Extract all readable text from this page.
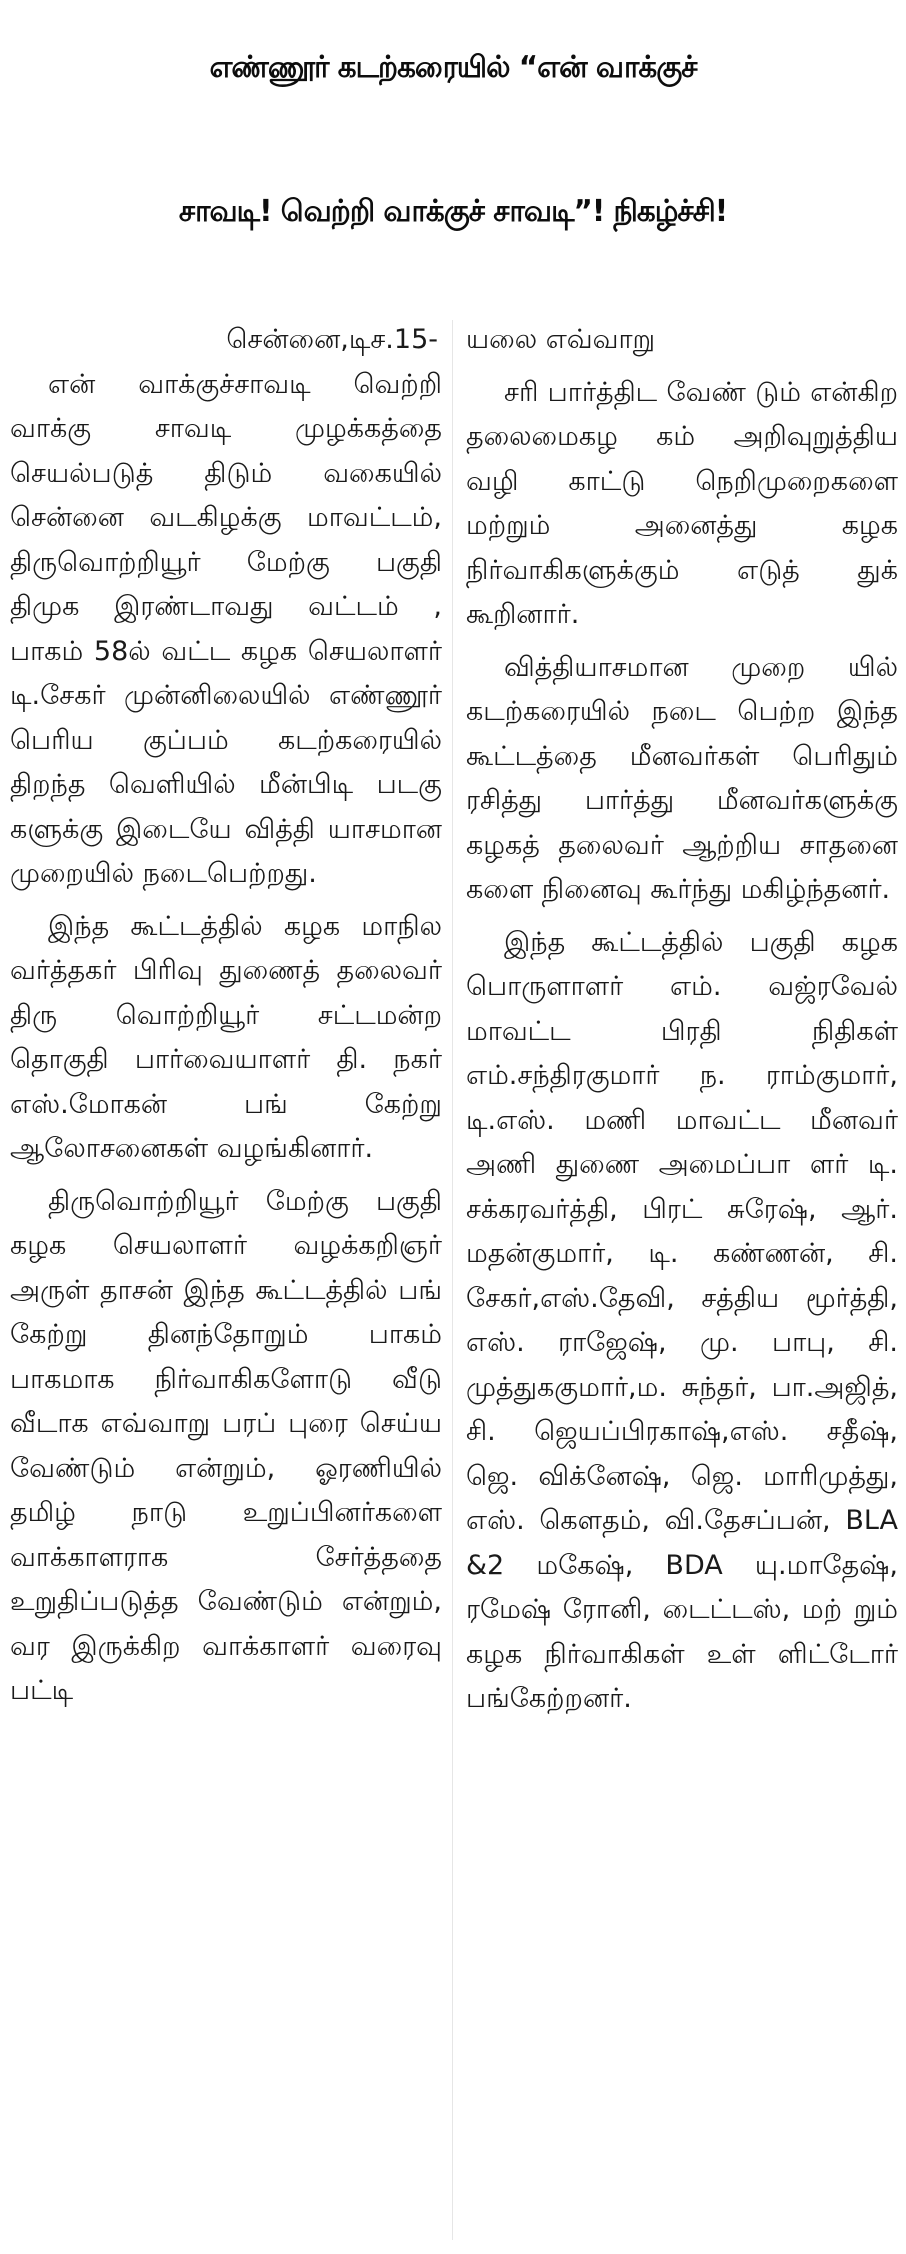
எண்ணூர் கடற்கரையில் “என் வாக்குச்
சாவடி! வெற்றி வாக்குச் சாவடி”! நிகழ்ச்சி!

சென்னை,டிச.15-

என் வாக்குச்சாவடி வெற்றி வாக்கு சாவடி முழக்கத்தை செயல்படுத் திடும் வகையில் சென்னை வடகிழக்கு மாவட்டம், திருவொற்றியூர் மேற்கு பகுதி திமுக இரண்டாவது வட்டம் , பாகம் 58ல் வட்ட கழக செயலாளர் டி.சேகர் முன்னிலையில் எண்ணூர் பெரிய குப்பம் கடற்கரையில் திறந்த வெளியில் மீன்பிடி படகு களுக்கு இடையே வித்தி யாசமான முறையில் நடைபெற்றது.

இந்த கூட்டத்தில் கழக மாநில வர்த்தகர் பிரிவு துணைத் தலைவர் திரு வொற்றியூர் சட்டமன்ற தொகுதி பார்வையாளர் தி. நகர் எஸ்.மோகன் பங் கேற்று ஆலோசனைகள் வழங்கினார்.

திருவொற்றியூர் மேற்கு பகுதி கழக செயலாளர் வழக்கறிஞர் அருள் தாசன் இந்த கூட்டத்தில் பங் கேற்று தினந்தோறும் பாகம் பாகமாக நிர்வாகிகளோடு வீடு வீடாக எவ்வாறு பரப் புரை செய்ய வேண்டும் என்றும், ஓரணியில் தமிழ் நாடு உறுப்பினர்களை வாக்காளராக சேர்த்ததை உறுதிப்படுத்த வேண்டும் என்றும், வர இருக்கிற வாக்காளர் வரைவு பட்டி

யலை எவ்வாறு

சரி பார்த்திட வேண் டும் என்கிற தலைமைகழ கம் அறிவுறுத்திய வழி காட்டு நெறிமுறைகளை மற்றும் அனைத்து கழக நிர்வாகிகளுக்கும் எடுத் துக் கூறினார்.

வித்தியாசமான முறை யில் கடற்கரையில் நடை பெற்ற இந்த கூட்டத்தை மீனவர்கள் பெரிதும் ரசித்து பார்த்து மீனவர்களுக்கு கழகத் தலைவர் ஆற்றிய சாதனை களை நினைவு கூர்ந்து மகிழ்ந்தனர்.

இந்த கூட்டத்தில் பகுதி கழக பொருளாளர் எம். வஜ்ரவேல் மாவட்ட பிரதி நிதிகள் எம்.சந்திரகுமார் ந. ராம்குமார், டி.எஸ். மணி மாவட்ட மீனவர் அணி துணை அமைப்பா ளர் டி. சக்கரவர்த்தி, பிரட் சுரேஷ், ஆர். மதன்குமார், டி. கண்ணன், சி. சேகர்,எஸ்.தேவி, சத்திய மூர்த்தி, எஸ். ராஜேஷ், மு. பாபு, சி. முத்துககுமார்,ம. சுந்தர், பா.அஜித், சி. ஜெயப்பிரகாஷ்,எஸ். சதீஷ், ஜெ. விக்னேஷ், ஜெ. மாரிமுத்து, எஸ். கௌதம், வி.தேசப்பன், BLA &2 மகேஷ், BDA யு.மாதேஷ், ரமேஷ் ரோனி, டைட்டஸ், மற் றும் கழக நிர்வாகிகள் உள் ளிட்டோர் பங்கேற்றனர்.
